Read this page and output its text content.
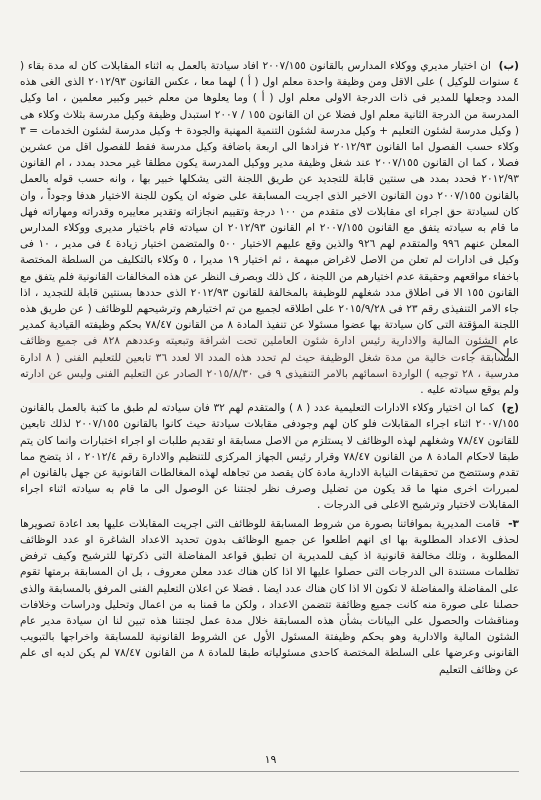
(ب) ان اختيار مديري ووكلاء المدارس بالقانون ٢٠٠٧/١٥٥ افاد سيادتة بالعمل به اثناء المقابلات كان له مدة بقاء ( ٤ سنوات للوكيل ) على الاقل ومن وظيفة واحدة معلم اول ( أ ) لهما معا ، عكس القانون ٢٠١٢/٩٣ الذى الغى هذه المدد وجعلها للمدير فى ذات الدرجة الاولى معلم اول ( أ ) وما يعلوها من معلم خبير وكبير معلمين ، اما وكيل المدرسة من الدرجة الثانية معلم اول فضلا عن ان القانون ١٥٥ / ٢٠٠٧ استبدل وظيفة وكيل مدرسة بثلاث وكلاء هى ( وكيل مدرسة لشئون التعليم + وكيل مدرسة لشئون التنمية المهنية والجودة + وكيل مدرسة لشئون الخدمات = ٣ وكلاء حسب الفصول اما القانون ٢٠١٢/٩٣ فزادها الى اربعة باضافة وكيل مدرسة فقط للفصول اقل من عشرين فصلا ، كما ان القانون ٢٠٠٧/١٥٥ عند شغل وظيفة مدير ووكيل المدرسة يكون مطلقا غير محدد بمدد ، ام القانون ٢٠١٢/٩٣ فحدد بمدد هى سنتين قابلة للتجديد عن طريق اللجنة التى يشكلها خبير بها ، وانه حسب قوله بالعمل بالقانون ٢٠٠٧/١٥٥ دون القانون الاخير الذى اجريت المسابقة على ضوئه ان يكون للجنة الاختيار هدفا وجوداً ، وان كان لسيادتة حق اجراء اى مقابلات لاى متقدم من ١٠٠ درجة وتقييم انجازاته وتقدير معاييره وقدراته ومهاراته فهل ما قام به سيادته يتفق مع القانون ٢٠٠٧/١٥٥ ام القانون ٢٠١٢/٩٣ ان سيادته قام باختيار مديرى ووكلاء المدارس المعلن عنهم ٩٩٦ والمتقدم لهم ٩٢٦ والذين وقع عليهم الاختيار ٥٠٠ والمتضمن اختيار زيادة ٤ فى مدير ، ١٠ فى وكيل فى ادارات لم تعلن من الاصل لاغراض مبهمة ، ثم اختيار ١٩ مديرا ، ٥ وكلاء بالتكليف من السلطة المختصة باخفاء مواقعهم وحقيقة عدم اختيارهم من اللجنة ، كل ذلك وبصرف النظر عن هذه المخالفات القانونية فلم يتفق مع القانون ١٥٥ الا فى اطلاق مدد شغلهم للوظيفة بالمخالفة للقانون ٢٠١٢/٩٣ الذى حددها بسنتين قابلة للتجديد ، اذا جاء الامر التنفيذى رقم ٢٣ فى ٢٠١٥/٩/٢٨ على اطلاقه لجميع من تم اختيارهم وترشيحهم للوظائف ( عن طريق هذه اللجنة المؤقتة التى كان سيادتة بها عضوا مسئولا عن تنفيذ المادة ٨ من القانون ٧٨/٤٧ بحكم وظيفته القيادية كمدير عام الشئون المالية والادارية رئيس ادارة شئون العاملين تحت اشرافة وتبعيته وعددهم ٨٢٨ فى جميع وظائف المسابقة جاءت خالية من مدة شغل الوظيفة حيث لم تحدد هذه المدد الا لعدد ٣٦ تابعين للتعليم الفنى ( ٨ ادارة مدرسية ، ٢٨ توجيه ) الواردة اسمائهم بالامر التنفيذى ٩ فى ٢٠١٥/٨/٣٠ الصادر عن التعليم الفنى وليس عن ادارته ولم يوقع سيادته عليه .

(ج) كما ان اختيار وكلاء الادارات التعليمية عدد ( ٨ ) والمتقدم لهم ٣٢ فان سيادته لم طبق ما كتبة بالعمل بالقانون ٢٠٠٧/١٥٥ اثناء اجراء المقابلات فلو كان لهم وجودفى مقابلات سيادتة حيث كانوا بالقانون ٢٠٠٧/١٥٥ لذلك تابعين للقانون ٧٨/٤٧ وشغلهم لهذه الوظائف لا يستلزم من الاصل مسابقة او تقديم طلبات او اجراء اختبارات وانما كان يتم طبقا لاحكام المادة ٨ من القانون ٧٨/٤٧ وقرار رئيس الجهاز المركزى للتنظيم والادارة رقم ٢٠١٢/٤ ، اذ يتضح مما تقدم وستتضح من تحقيقات النيابة الادارية مادة كان يقصد من تجاهله لهذه المغالطات القانونية عن جهل بالقانون ام لمبررات اخرى منها ما قد يكون من تضليل وصرف نظر لجنتنا عن الوصول الى ما قام به سيادته اثناء اجراء المقابلات لاختيار وترشيح الاعلى فى الدرجات .

٣- قامت المديرية بموافاتنا بصورة من شروط المسابقة للوظائف التى اجريت المقابلات عليها بعد اعادة تصويرها لحذف الاعداد المطلوبة بها اى انهم اطلعوا عن جميع الوظائف بدون تحديد الاعداد الشاغرة او عدد الوظائف المطلوبة ، وتلك مخالفة قانونية اذ كيف للمديرية ان تطبق قواعد المفاضلة التى ذكرتها للترشيح وكيف ترفض تظلمات مستندة الى الدرجات التى حصلوا عليها الا اذا كان هناك عدد معلن معروف ، بل ان المسابقة برمتها تقوم على المفاضلة والمفاضلة لا تكون الا اذا كان هناك عدد ايضا . فضلا عن اعلان التعليم الفنى المرفق بالمسابقة والذى حصلنا على صورة منه كانت جميع وظائفة تتضمن الاعداد ، ولكن ما قمنا به من اعمال وتحليل ودراسات وخلافات ومناقشات والحصول على البيانات بشأن هذه المسابقة خلال مدة عمل لجنتنا هذه تبين لنا ان سيادة مدير عام الشئون المالية والادارية وهو بحكم وظيفتة المسئول الأول عن الشروط القانونية للمسابقة واخراجها بالتبويب القانونى وعرضها على السلطة المختصة كاحدى مسئولياته طبقا للمادة ٨ من القانون ٧٨/٤٧ لم يكن لديه اى علم عن وظائف التعليم

١٩
